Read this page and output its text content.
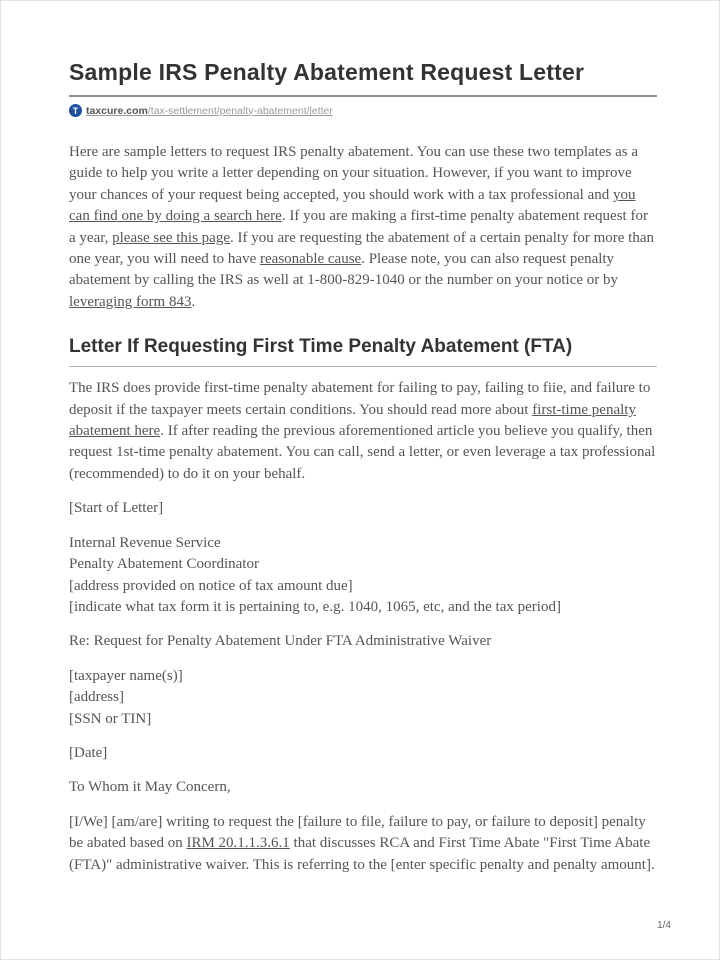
Sample IRS Penalty Abatement Request Letter
T taxcure.com/tax-settlement/penalty-abatement/letter

Here are sample letters to request IRS penalty abatement. You can use these two templates as a guide to help you write a letter depending on your situation. However, if you want to improve your chances of your request being accepted, you should work with a tax professional and you can find one by doing a search here. If you are making a first-time penalty abatement request for a year, please see this page. If you are requesting the abatement of a certain penalty for more than one year, you will need to have reasonable cause. Please note, you can also request penalty abatement by calling the IRS as well at 1-800-829-1040 or the number on your notice or by leveraging form 843.

Letter If Requesting First Time Penalty Abatement (FTA)

The IRS does provide first-time penalty abatement for failing to pay, failing to fiie, and failure to deposit if the taxpayer meets certain conditions. You should read more about first-time penalty abatement here. If after reading the previous aforementioned article you believe you qualify, then request 1st-time penalty abatement. You can call, send a letter, or even leverage a tax professional (recommended) to do it on your behalf.

[Start of Letter]

Internal Revenue Service
Penalty Abatement Coordinator
[address provided on notice of tax amount due]
[indicate what tax form it is pertaining to, e.g. 1040, 1065, etc, and the tax period]

Re: Request for Penalty Abatement Under FTA Administrative Waiver

[taxpayer name(s)]
[address]
[SSN or TIN]

[Date]

To Whom it May Concern,

[I/We] [am/are] writing to request the [failure to file, failure to pay, or failure to deposit] penalty be abated based on IRM 20.1.1.3.6.1 that discusses RCA and First Time Abate "First Time Abate (FTA)" administrative waiver. This is referring to the [enter specific penalty and penalty amount].

1/4
